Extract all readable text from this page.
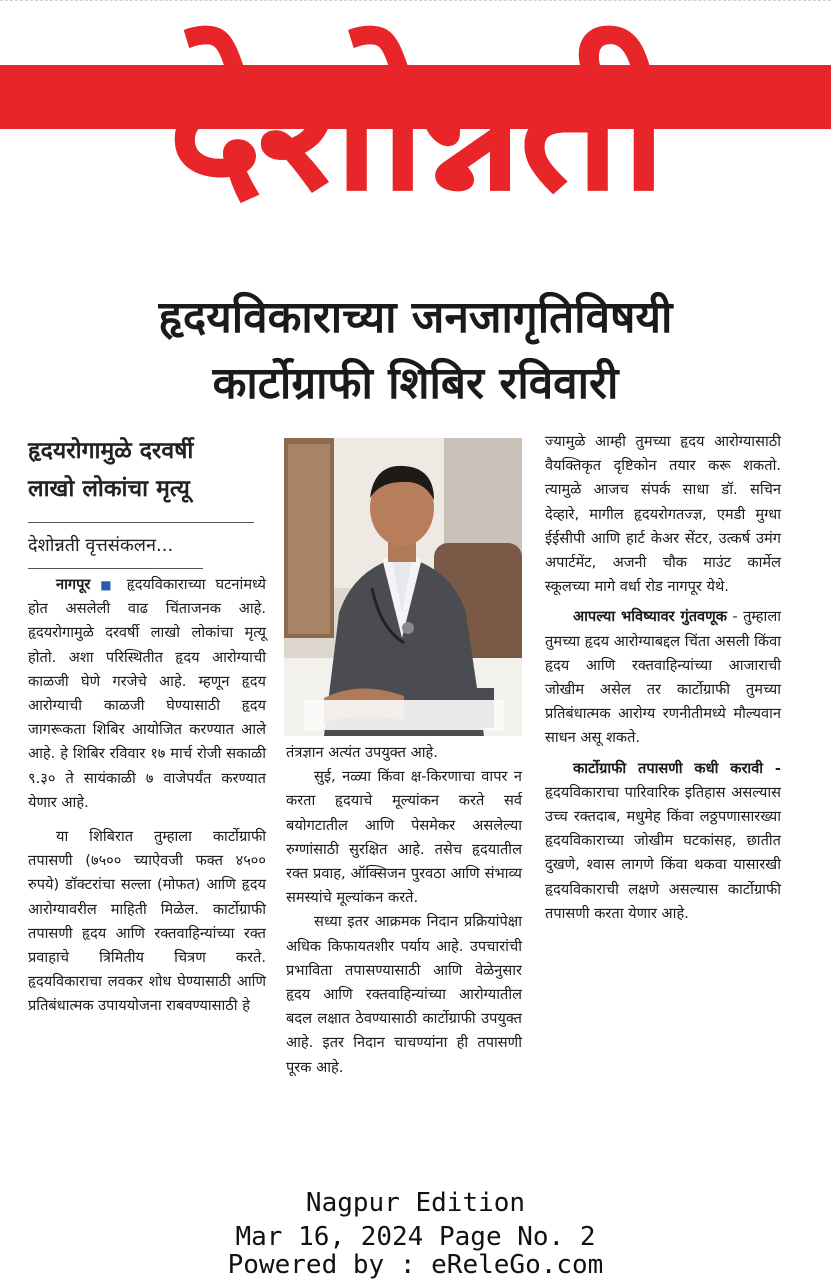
देशोन्नती
हृदयविकाराच्या जनजागृतिविषयी
कार्टोग्राफी शिबिर रविवारी
हृदयरोगामुळे दरवर्षी
लाखो लोकांचा मृत्यू
देशोन्नती वृत्तसंकलन...

नागपूर ■ हृदयविकाराच्या घटनांमध्ये होत असलेली वाढ चिंताजनक आहे. हृदयरोगामुळे दरवर्षी लाखो लोकांचा मृत्यू होतो. अशा परिस्थितीत हृदय आरोग्याची काळजी घेणे गरजेचे आहे. म्हणून हृदय आरोग्याची काळजी घेण्यासाठी हृदय जागरूकता शिबिर आयोजित करण्यात आले आहे. हे शिबिर रविवार १७ मार्च रोजी सकाळी ९.३० ते सायंकाळी ७ वाजेपर्यंत करण्यात येणार आहे.

या शिबिरात तुम्हाला कार्टोग्राफी तपासणी (७५०० च्याऐवजी फक्त ४५०० रुपये) डॉक्टरांचा सल्ला (मोफत) आणि हृदय आरोग्यावरील माहिती मिळेल. कार्टोग्राफी तपासणी हृदय आणि रक्तवाहिन्यांच्या रक्त प्रवाहाचे त्रिमितीय चित्रण करते. हृदयविकाराचा लवकर शोध घेण्यासाठी आणि प्रतिबंधात्मक उपाययोजना राबवण्यासाठी हे

तंत्रज्ञान अत्यंत उपयुक्त आहे.

सुई, नळ्या किंवा क्ष-किरणाचा वापर न करता हृदयाचे मूल्यांकन करते सर्व बयोगटातील आणि पेसमेकर असलेल्या रुग्णांसाठी सुरक्षित आहे. तसेच हृदयातील रक्त प्रवाह, ऑक्सिजन पुरवठा आणि संभाव्य समस्यांचे मूल्यांकन करते.

सध्या इतर आक्रमक निदान प्रक्रियांपेक्षा अधिक किफायतशीर पर्याय आहे. उपचारांची प्रभाविता तपासण्यासाठी आणि वेळेनुसार हृदय आणि रक्तवाहिन्यांच्या आरोग्यातील बदल लक्षात ठेवण्यासाठी कार्टोग्राफी उपयुक्त आहे. इतर निदान चाचण्यांना ही तपासणी पूरक आहे.

ज्यामुळे आम्ही तुमच्या हृदय आरोग्यासाठी वैयक्तिकृत दृष्टिकोन तयार करू शकतो. त्यामुळे आजच संपर्क साधा डॉ. सचिन देव्हारे, मागील हृदयरोगतज्ज्ञ, एमडी मुग्धा ईईसीपी आणि हार्ट केअर सेंटर, उत्कर्ष उमंग अपार्टमेंट, अजनी चौक माउंट कार्मेल स्कूलच्या मागे वर्धा रोड नागपूर येथे.

आपल्या भविष्यावर गुंतवणूक - तुम्हाला तुमच्या हृदय आरोग्याबद्दल चिंता असली किंवा हृदय आणि रक्तवाहिन्यांच्या आजाराची जोखीम असेल तर कार्टोग्राफी तुमच्या प्रतिबंधात्मक आरोग्य रणनीतीमध्ये मौल्यवान साधन असू शकते.

कार्टोग्राफी तपासणी कधी करावी - हृदयविकाराचा पारिवारिक इतिहास असल्यास उच्च रक्तदाब, मधुमेह किंवा लठ्ठपणासारख्या हृदयविकाराच्या जोखीम घटकांसह, छातीत दुखणे, श्वास लागणे किंवा थकवा यासारखी हृदयविकाराची लक्षणे असल्यास कार्टोग्राफी तपासणी करता येणार आहे.

Nagpur Edition
Mar 16, 2024 Page No. 2
Powered by : eReleGo.com
